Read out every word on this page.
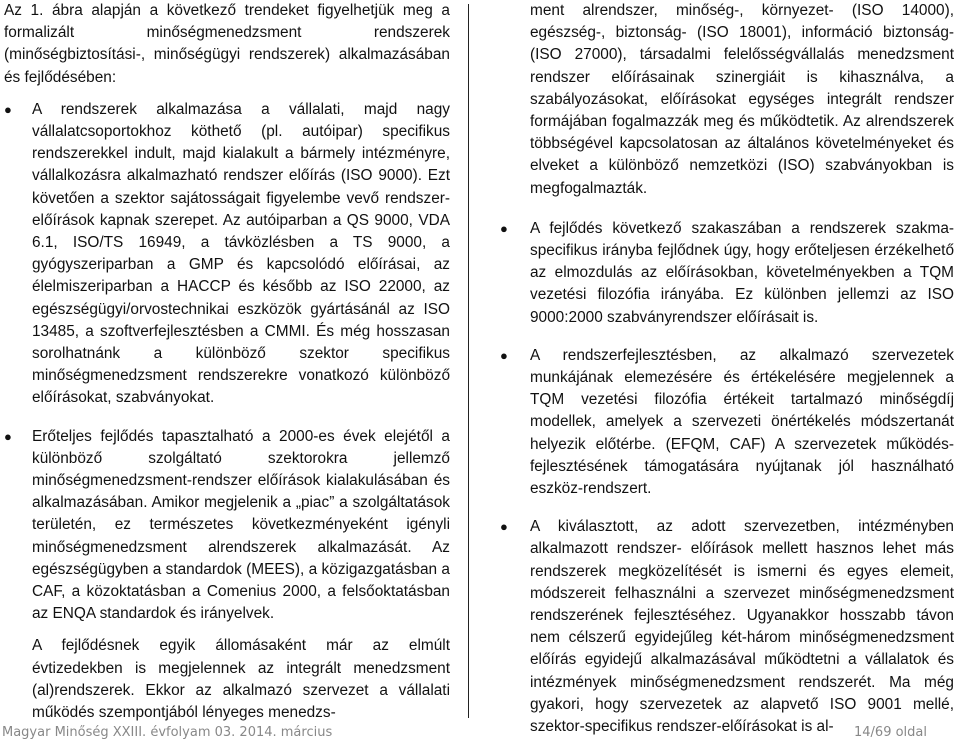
Az 1. ábra alapján a következő trendeket figyelhetjük meg a formalizált minőségmenedzsment rendszerek (minőségbiztosítási-, minőségügyi rendszerek) alkalmazásában és fejlődésében:

● A rendszerek alkalmazása a vállalati, majd nagy vállalatcsoportokhoz köthető (pl. autóipar) specifikus rendszerekkel indult, majd kialakult a bármely intézményre, vállalkozásra alkalmazható rendszer előírás (ISO 9000). Ezt követően a szektor sajátosságait figyelembe vevő rendszer-előírások kapnak szerepet. Az autóiparban a QS 9000, VDA 6.1, ISO/TS 16949, a távközlésben a TS 9000, a gyógyszeriparban a GMP és kapcsolódó előírásai, az élelmiszeriparban a HACCP és később az ISO 22000, az egészségügyi/orvostechnikai eszközök gyártásánál az ISO 13485, a szoftverfejlesztésben a CMMI. És még hosszasan sorolhatnánk a különböző szektor specifikus minőségmenedzsment rendszerekre vonatkozó különböző előírásokat, szabványokat.
● Erőteljes fejlődés tapasztalható a 2000-es évek elejétől a különböző szolgáltató szektorokra jellemző minőségmenedzsment-rendszer előírások kialakulásában és alkalmazásában. Amikor megjelenik a „piac” a szolgáltatások területén, ez természetes következményeként igényli minőségmenedzsment alrendszerek alkalmazását. Az egészségügyben a standardok (MEES), a közigazgatásban a CAF, a közoktatásban a Comenius 2000, a felsőoktatásban az ENQA standardok és irányelvek.

A fejlődésnek egyik állomásaként már az elmúlt évtizedekben is megjelennek az integrált menedzsment (al)rendszerek. Ekkor az alkalmazó szervezet a vállalati működés szempontjából lényeges menedzs-

ment alrendszer, minőség-, környezet- (ISO 14000), egészség-, biztonság- (ISO 18001), információ biztonság- (ISO 27000), társadalmi felelősségvállalás menedzsment rendszer előírásainak szinergiáit is kihasználva, a szabályozásokat, előírásokat egységes integrált rendszer formájában fogalmazzák meg és működtetik. Az alrendszerek többségével kapcsolatosan az általános követelményeket és elveket a különböző nemzetközi (ISO) szabványokban is megfogalmazták.

● A fejlődés következő szakaszában a rendszerek szakma-specifikus irányba fejlődnek úgy, hogy erőteljesen érzékelhető az elmozdulás az előírásokban, követelményekben a TQM vezetési filozófia irányába. Ez különben jellemzi az ISO 9000:2000 szabványrendszer előírásait is.
● A rendszerfejlesztésben, az alkalmazó szervezetek munkájának elemezésére és értékelésére megjelennek a TQM vezetési filozófia értékeit tartalmazó minőségdíj modellek, amelyek a szervezeti önértékelés módszertanát helyezik előtérbe. (EFQM, CAF) A szervezetek működés-fejlesztésének támogatására nyújtanak jól használható eszköz-rendszert.
● A kiválasztott, az adott szervezetben, intézményben alkalmazott rendszer- előírások mellett hasznos lehet más rendszerek megközelítését is ismerni és egyes elemeit, módszereit felhasználni a szervezet minőségmenedzsment rendszerének fejlesztéséhez. Ugyanakkor hosszabb távon nem célszerű egyidejűleg két-három minőségmenedzsment előírás egyidejű alkalmazásával működtetni a vállalatok és intézmények minőségmenedzsment rendszerét. Ma még gyakori, hogy szervezetek az alapvető ISO 9001 mellé, szektor-specifikus rendszer-előírásokat is al-
Magyar Minőség XXIII. évfolyam 03. 2014. március	14/69 oldal
